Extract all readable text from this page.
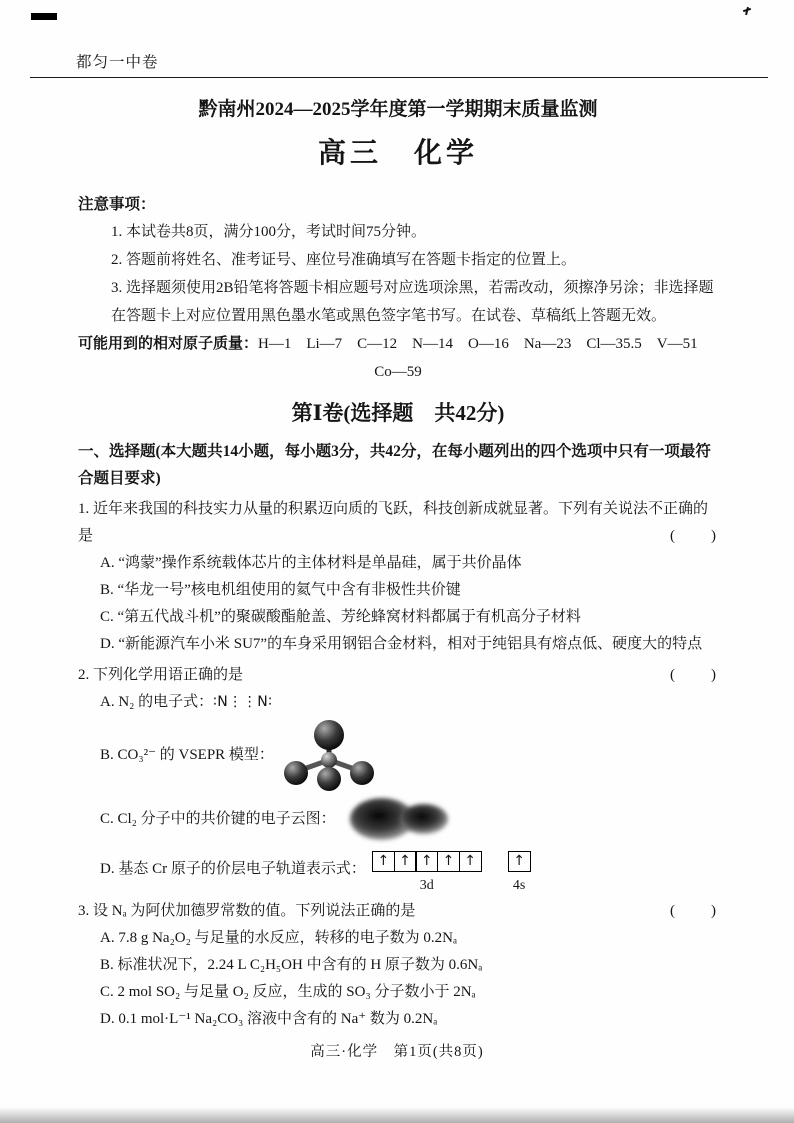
都匀一中卷
黔南州2024—2025学年度第一学期期末质量监测
高三　化学
注意事项：
1. 本试卷共8页，满分100分，考试时间75分钟。
2. 答题前将姓名、准考证号、座位号准确填写在答题卡指定的位置上。
3. 选择题须使用2B铅笔将答题卡相应题号对应选项涂黑，若需改动，须擦净另涂；非选择题在答题卡上对应位置用黑色墨水笔或黑色签字笔书写。在试卷、草稿纸上答题无效。
可能用到的相对原子质量：H—1　Li—7　C—12　N—14　O—16　Na—23　Cl—35.5　V—51
Co—59
第Ⅰ卷(选择题　共42分)
一、选择题(本大题共14小题，每小题3分，共42分，在每小题列出的四个选项中只有一项最符合题目要求)
1. 近年来我国的科技实力从量的积累迈向质的飞跃，科技创新成就显著。下列有关说法不正确的是	(　　)
A. “鸿蒙”操作系统载体芯片的主体材料是单晶硅，属于共价晶体
B. “华龙一号”核电机组使用的氦气中含有非极性共价键
C. “第五代战斗机”的聚碳酸酯舱盖、芳纶蜂窝材料都属于有机高分子材料
D. “新能源汽车小米 SU7”的车身采用钢铝合金材料，相对于纯铝具有熔点低、硬度大的特点
2. 下列化学用语正确的是	(　　)
A. N₂ 的电子式：∶N⋮⋮N∶
B. CO₃²⁻ 的 VSEPR 模型：
C. Cl₂ 分子中的共价键的电子云图：
D. 基态 Cr 原子的价层电子轨道表示式： ↑ ↑ ↑ ↑ ↑
3d
↑
4s
3. 设 Nₐ 为阿伏加德罗常数的值。下列说法正确的是	(　　)
A. 7.8 g Na₂O₂ 与足量的水反应，转移的电子数为 0.2Nₐ
B. 标准状况下，2.24 L C₂H₅OH 中含有的 H 原子数为 0.6Nₐ
C. 2 mol SO₂ 与足量 O₂ 反应，生成的 SO₃ 分子数小于 2Nₐ
D. 0.1 mol·L⁻¹ Na₂CO₃ 溶液中含有的 Na⁺ 数为 0.2Nₐ
高三·化学　第1页(共8页)
